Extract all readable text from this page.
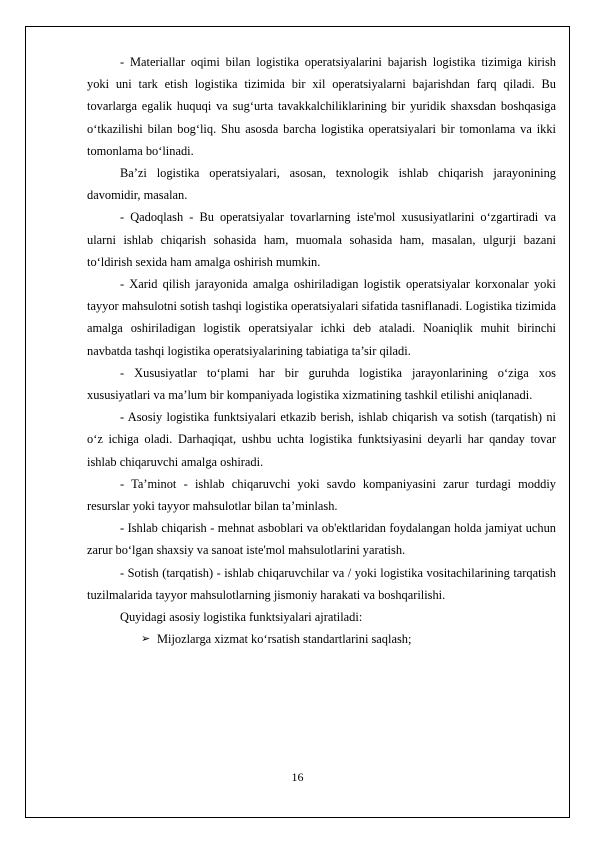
- Materiallar oqimi bilan logistika operatsiyalarini bajarish logistika tizimiga kirish yoki uni tark etish logistika tizimida bir xil operatsiyalarni bajarishdan farq qiladi. Bu tovarlarga egalik huquqi va sug‘urta tavakkalchiliklarining bir yuridik shaxsdan boshqasiga o‘tkazilishi bilan bog‘liq. Shu asosda barcha logistika operatsiyalari bir tomonlama va ikki tomonlama bo‘linadi.

Ba’zi logistika operatsiyalari, asosan, texnologik ishlab chiqarish jarayonining davomidir, masalan.

- Qadoqlash - Bu operatsiyalar tovarlarning iste'mol xususiyatlarini o‘zgartiradi va ularni ishlab chiqarish sohasida ham, muomala sohasida ham, masalan, ulgurji bazani to‘ldirish sexida ham amalga oshirish mumkin.

- Xarid qilish jarayonida amalga oshiriladigan logistik operatsiyalar korxonalar yoki tayyor mahsulotni sotish tashqi logistika operatsiyalari sifatida tasniflanadi. Logistika tizimida amalga oshiriladigan logistik operatsiyalar ichki deb ataladi. Noaniqlik muhit birinchi navbatda tashqi logistika operatsiyalarining tabiatiga ta’sir qiladi.

- Xususiyatlar to‘plami har bir guruhda logistika jarayonlarining o‘ziga xos xususiyatlari va ma’lum bir kompaniyada logistika xizmatining tashkil etilishi aniqlanadi.

- Asosiy logistika funktsiyalari etkazib berish, ishlab chiqarish va sotish (tarqatish) ni o‘z ichiga oladi. Darhaqiqat, ushbu uchta logistika funktsiyasini deyarli har qanday tovar ishlab chiqaruvchi amalga oshiradi.

- Ta’minot - ishlab chiqaruvchi yoki savdo kompaniyasini zarur turdagi moddiy resurslar yoki tayyor mahsulotlar bilan ta’minlash.

- Ishlab chiqarish - mehnat asboblari va ob'ektlaridan foydalangan holda jamiyat uchun zarur bo‘lgan shaxsiy va sanoat iste'mol mahsulotlarini yaratish.

- Sotish (tarqatish) - ishlab chiqaruvchilar va / yoki logistika vositachilarining tarqatish tuzilmalarida tayyor mahsulotlarning jismoniy harakati va boshqarilishi.

Quyidagi asosiy logistika funktsiyalari ajratiladi:

➢ Mijozlarga xizmat ko‘rsatish standartlarini saqlash;
16
